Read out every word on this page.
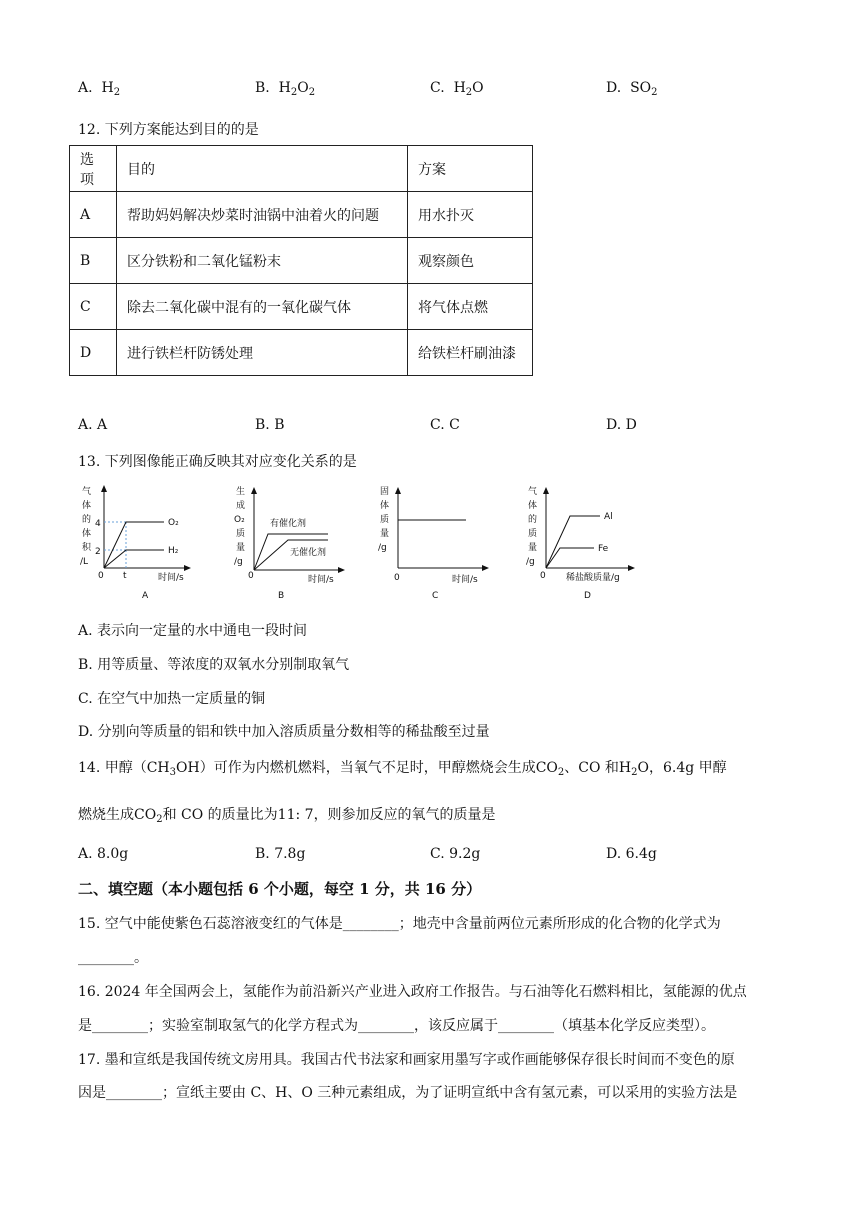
A. $H_2$	B. $H_2O_2$	C. $H_2O$	D. $SO_2$
12. 下列方案能达到目的的是
选项	目的	方案
A	帮助妈妈解决炒菜时油锅中油着火的问题	用水扑灭
B	区分铁粉和二氧化锰粉末	观察颜色
C	除去二氧化碳中混有的一氧化碳气体	将气体点燃
D	进行铁栏杆防锈处理	给铁栏杆刷油漆
A. A	B. B	C. C	D. D
13. 下列图像能正确反映其对应变化关系的是
气
体
的
体
积
/L
0
4
2
t	时间/s
O₂
H₂
A
生
成
O₂
质
量
/g
0	时间/s
有催化剂
无催化剂
B
固
体
质
量
/g
0	时间/s
C
气
体
的
质
量
/g
0 稀盐酸质量/g
Al
Fe
D
A. 表示向一定量的水中通电一段时间
B. 用等质量、等浓度的双氧水分别制取氧气
C. 在空气中加热一定质量的铜
D. 分别向等质量的铝和铁中加入溶质质量分数相等的稀盐酸至过量
14. 甲醇$(CH_3OH)$可作为内燃机燃料，当氧气不足时，甲醇燃烧会生成$CO_2$、CO 和$H_2O$，6.4g 甲醇
燃烧生成$CO_2$和 CO 的质量比为11: 7，则参加反应的氧气的质量是
A. 8.0g	B. 7.8g	C. 9.2g	D. 6.4g
二、填空题（本小题包括 6 个小题，每空 1 分，共 16 分）
15. 空气中能使紫色石蕊溶液变红的气体是________；地壳中含量前两位元素所形成的化合物的化学式为
________。
16. 2024 年全国两会上，氢能作为前沿新兴产业进入政府工作报告。与石油等化石燃料相比，氢能源的优点
是________；实验室制取氢气的化学方程式为________，该反应属于________（填基本化学反应类型）。
17. 墨和宣纸是我国传统文房用具。我国古代书法家和画家用墨写字或作画能够保存很长时间而不变色的原
因是________；宣纸主要由 C、H、O 三种元素组成，为了证明宣纸中含有氢元素，可以采用的实验方法是
